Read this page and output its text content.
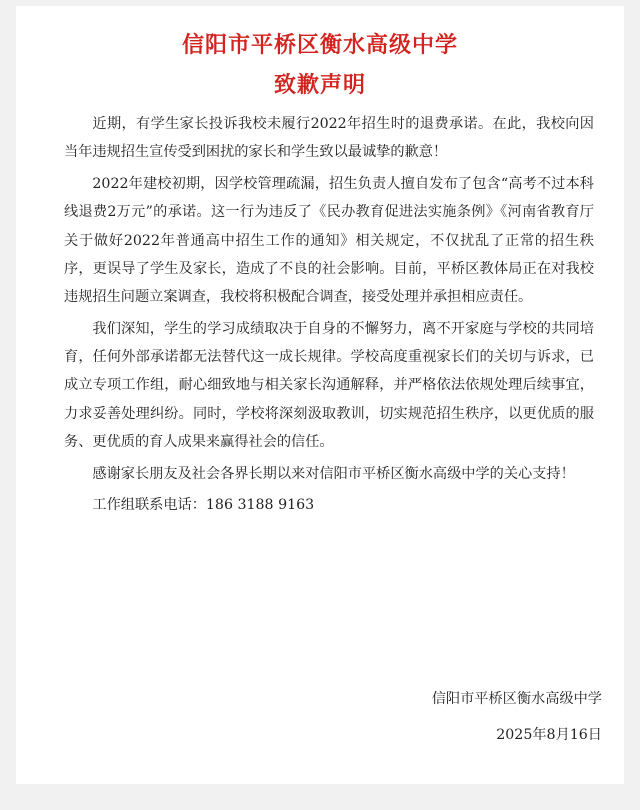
信阳市平桥区衡水高级中学
致歉声明

近期，有学生家长投诉我校未履行2022年招生时的退费承诺。在此，我校向因当年违规招生宣传受到困扰的家长和学生致以最诚挚的歉意！

2022年建校初期，因学校管理疏漏，招生负责人擅自发布了包含“高考不过本科线退费2万元”的承诺。这一行为违反了《民办教育促进法实施条例》《河南省教育厅关于做好2022年普通高中招生工作的通知》相关规定，不仅扰乱了正常的招生秩序，更误导了学生及家长，造成了不良的社会影响。目前，平桥区教体局正在对我校违规招生问题立案调查，我校将积极配合调查，接受处理并承担相应责任。

我们深知，学生的学习成绩取决于自身的不懈努力，离不开家庭与学校的共同培育，任何外部承诺都无法替代这一成长规律。学校高度重视家长们的关切与诉求，已成立专项工作组，耐心细致地与相关家长沟通解释，并严格依法依规处理后续事宜，力求妥善处理纠纷。同时，学校将深刻汲取教训，切实规范招生秩序，以更优质的服务、更优质的育人成果来赢得社会的信任。

感谢家长朋友及社会各界长期以来对信阳市平桥区衡水高级中学的关心支持！

工作组联系电话：186 3188 9163

信阳市平桥区衡水高级中学

2025年8月16日
